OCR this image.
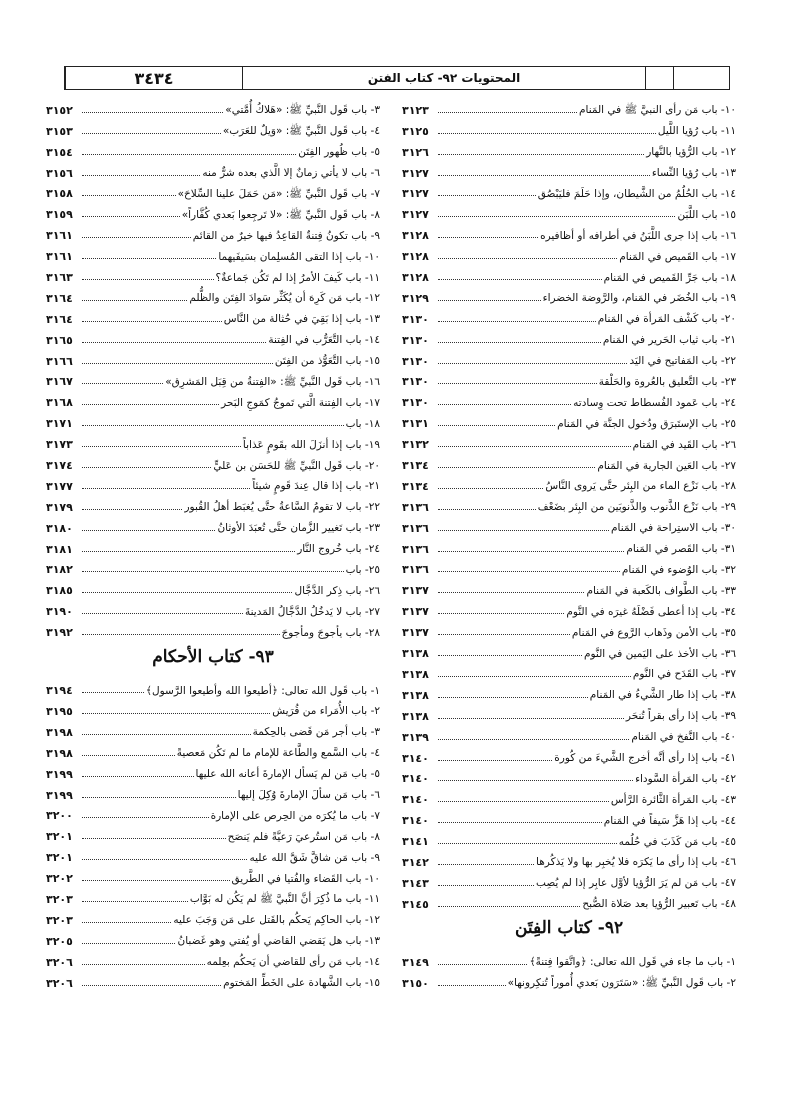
٣٤٣٤	المحتويات ٩٢- كتاب الفتن
١٠- باب مَن رأى النبيَّ ﷺ في المَنام
٣١٢٣
١١- باب رُؤيا اللَّيل
٣١٢٥
١٢- باب الرُّؤيا بالنَّهار
٣١٢٦
١٣- باب رُؤيا النِّساء
٣١٢٧
١٤- باب الحُلُمُ من الشَّيطان، وإذا حَلَمَ فليَبْصُق
٣١٢٧
١٥- باب اللَّبَن
٣١٢٧
١٦- باب إذا جرى اللَّبَنُ في أطرافه أو أظافيره
٣١٢٨
١٧- باب القَميص في المَنام
٣١٢٨
١٨- باب جَرِّ القَميص في المَنام
٣١٢٨
١٩- باب الخُضَر في المَنام، والرَّوضة الخضراء
٣١٢٩
٢٠- باب كَشْف المَرأة في المَنام
٣١٣٠
٢١- باب ثياب الحَرير في المَنام
٣١٣٠
٢٢- باب المَفاتيح في اليَد
٣١٣٠
٢٣- باب التَّعليق بالعُروة والحَلْقة
٣١٣٠
٢٤- باب عَمود الفُسطاط تحت وِسادته
٣١٣٠
٢٥- باب الإستَبرَق ودُخول الجنَّة في المَنام
٣١٣١
٢٦- باب القَيد في المَنام
٣١٣٢
٢٧- باب العَين الجارية في المَنام
٣١٣٤
٢٨- باب نَزْع الماء من البِئر حتَّى يَروى النَّاسُ
٣١٣٤
٢٩- باب نَزْع الذَّنوب والذَّنوبَين من البِئر بضَعْف
٣١٣٦
٣٠- باب الاستِراحة في المَنام
٣١٣٦
٣١- باب القَصر في المَنام
٣١٣٦
٣٢- باب الوُضوء في المَنام
٣١٣٦
٣٣- باب الطَّواف بالكَعبة في المَنام
٣١٣٧
٣٤- باب إذا أعطى فَضْلَهُ غيرَه في النَّوم
٣١٣٧
٣٥- باب الأمن وذَهاب الرَّوع في المَنام
٣١٣٧
٣٦- باب الأخذ على اليَمين في النَّوم
٣١٣٨
٣٧- باب القَدَح في النَّوم
٣١٣٨
٣٨- باب إذا طار الشَّيءُ في المَنام
٣١٣٨
٣٩- باب إذا رأى بقراً تُنحَر
٣١٣٨
٤٠- باب النَّفخ في المَنام
٣١٣٩
٤١- باب إذا رأى أنَّه أخرج الشَّيءَ من كُورة
٣١٤٠
٤٢- باب المَرأة السَّوداء
٣١٤٠
٤٣- باب المَرأة الثَّائرة الرَّأس
٣١٤٠
٤٤- باب إذا هَزَّ سَيفاً في المَنام
٣١٤٠
٤٥- باب مَن كَذَبَ في حُلُمه
٣١٤١
٤٦- باب إذا رأى ما يَكرَه فلا يُخبِر بها ولا يَذكُرها
٣١٤٢
٤٧- باب مَن لم يَرَ الرُّؤيا لأوَّل عابِر إذا لم يُصِب
٣١٤٣
٤٨- باب تَعبير الرُّؤيا بعد صَلاة الصُّبح
٣١٤٥
٩٢- كتاب الفِتَن
١- باب ما جاء في قَول الله تعالى: ﴿واتَّقوا فِتنةً﴾
٣١٤٩
٢- باب قَول النَّبيِّ ﷺ: «سَتَرَون بَعدي أُموراً تُنكِرونها»
٣١٥٠
٣- باب قَول النَّبيِّ ﷺ: «هَلاكُ أُمَّتي»
٣١٥٢
٤- باب قَول النَّبيِّ ﷺ: «وَيلٌ للعَرَب»
٣١٥٣
٥- باب ظُهور الفِتَن
٣١٥٤
٦- باب لا يأتي زمانٌ إلا الَّذي بعده شرٌّ منه
٣١٥٦
٧- باب قَول النَّبيِّ ﷺ: «مَن حَمَلَ علينا السِّلاحَ»
٣١٥٨
٨- باب قَول النَّبيِّ ﷺ: «لا تَرجِعوا بَعدي كُفَّاراً»
٣١٥٩
٩- باب تكونُ فِتنةٌ القاعِدُ فيها خيرٌ من القائم
٣١٦١
١٠- باب إذا التقى المُسلِمان بسَيفَيهما
٣١٦١
١١- باب كَيفَ الأمرُ إذا لم تَكُن جَماعةٌ؟
٣١٦٣
١٢- باب مَن كَرِهَ أن يُكَثِّر سَوادَ الفِتَن والظُّلم
٣١٦٤
١٣- باب إذا بَقِيَ في حُثالة من النَّاس
٣١٦٤
١٤- باب التَّعَرُّب في الفِتنة
٣١٦٥
١٥- باب التَّعَوُّذ من الفِتَن
٣١٦٦
١٦- باب قَول النَّبيِّ ﷺ: «الفِتنةُ من قِبَل المَشرِق»
٣١٦٧
١٧- باب الفِتنة الَّتي تَموجُ كمَوجِ البَحر
٣١٦٨
١٨- باب
٣١٧١
١٩- باب إذا أنزَلَ الله بقَومٍ عَذاباً
٣١٧٣
٢٠- باب قَول النَّبيِّ ﷺ للحَسَن بن عَليٍّ
٣١٧٤
٢١- باب إذا قال عِندَ قَومٍ شيئاً
٣١٧٧
٢٢- باب لا تقومُ السَّاعةُ حتَّى يُغبَط أهلُ القُبور
٣١٧٩
٢٣- باب تَغيير الزَّمان حتَّى تُعبَدَ الأوثانُ
٣١٨٠
٢٤- باب خُروج النَّار
٣١٨١
٢٥- باب
٣١٨٢
٢٦- باب ذِكر الدَّجَّال
٣١٨٥
٢٧- باب لا يَدخُلُ الدَّجَّالُ المَدينةَ
٣١٩٠
٢٨- باب يأجوجَ ومأجوجَ
٣١٩٢
٩٣- كتاب الأحكام
١- باب قَول الله تعالى: ﴿أطيعوا الله وأطيعوا الرَّسول﴾
٣١٩٤
٢- باب الأُمَراء من قُرَيش
٣١٩٥
٣- باب أجر مَن قَضى بالحِكمة
٣١٩٨
٤- باب السَّمع والطَّاعة للإمام ما لم تَكُن مَعصيةً
٣١٩٨
٥- باب مَن لم يَسأل الإمارةَ أعانه الله عليها
٣١٩٩
٦- باب مَن سألَ الإمارةَ وُكِلَ إليها
٣١٩٩
٧- باب ما يُكرَه من الحِرص على الإمارة
٣٢٠٠
٨- باب مَن استُرعيَ رَعيَّةً فلم يَنصَح
٣٢٠١
٩- باب مَن شاقَّ شَقَّ الله عليه
٣٢٠١
١٠- باب القَضاء والفُتيا في الطَّريق
٣٢٠٢
١١- باب ما ذُكِرَ أنَّ النَّبيَّ ﷺ لم يَكُن له بَوَّاب
٣٢٠٣
١٢- باب الحاكِم يَحكُم بالقَتل على مَن وَجَبَ عليه
٣٢٠٣
١٣- باب هل يَقضي القاضي أو يُفتي وهو غَضبانُ
٣٢٠٥
١٤- باب مَن رأى للقاضي أن يَحكُم بعِلمه
٣٢٠٦
١٥- باب الشَّهادة على الخَطِّ المَختوم
٣٢٠٦
